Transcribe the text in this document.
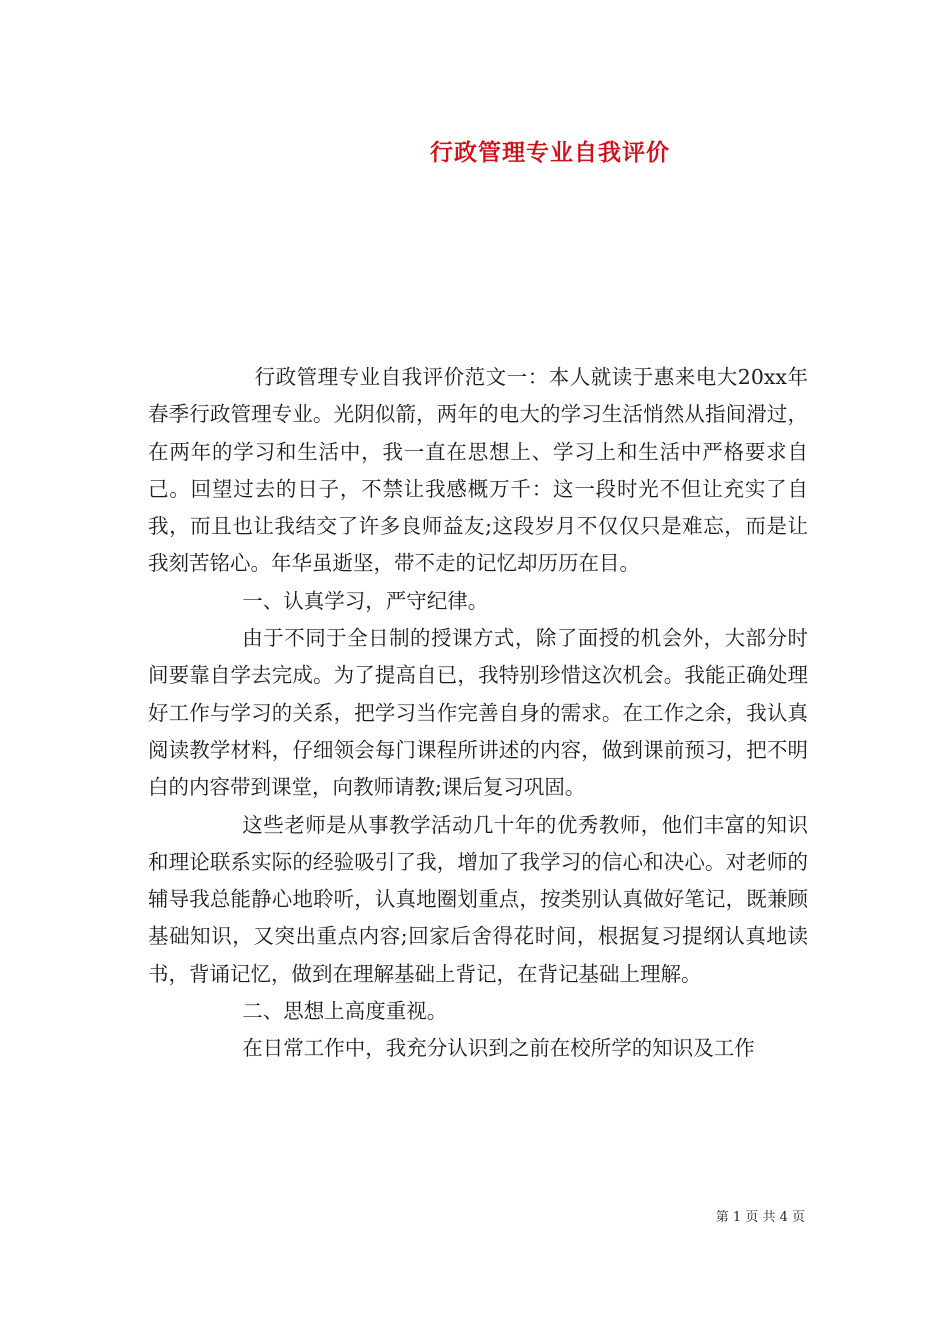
行政管理专业自我评价

行政管理专业自我评价范文一：本人就读于惠来电大20xx年春季行政管理专业。光阴似箭，两年的电大的学习生活悄然从指间滑过，在两年的学习和生活中，我一直在思想上、学习上和生活中严格要求自己。回望过去的日子，不禁让我感概万千：这一段时光不但让充实了自我，而且也让我结交了许多良师益友;这段岁月不仅仅只是难忘，而是让我刻苦铭心。年华虽逝坚，带不走的记忆却历历在目。

一、认真学习，严守纪律。

由于不同于全日制的授课方式，除了面授的机会外，大部分时间要靠自学去完成。为了提高自已，我特别珍惜这次机会。我能正确处理好工作与学习的关系，把学习当作完善自身的需求。在工作之余，我认真阅读教学材料，仔细领会每门课程所讲述的内容，做到课前预习，把不明白的内容带到课堂，向教师请教;课后复习巩固。

这些老师是从事教学活动几十年的优秀教师，他们丰富的知识和理论联系实际的经验吸引了我，增加了我学习的信心和决心。对老师的辅导我总能静心地聆听，认真地圈划重点，按类别认真做好笔记，既兼顾基础知识，又突出重点内容;回家后舍得花时间，根据复习提纲认真地读书，背诵记忆，做到在理解基础上背记，在背记基础上理解。

二、思想上高度重视。

在日常工作中，我充分认识到之前在校所学的知识及工作

第 1 页 共 4 页
